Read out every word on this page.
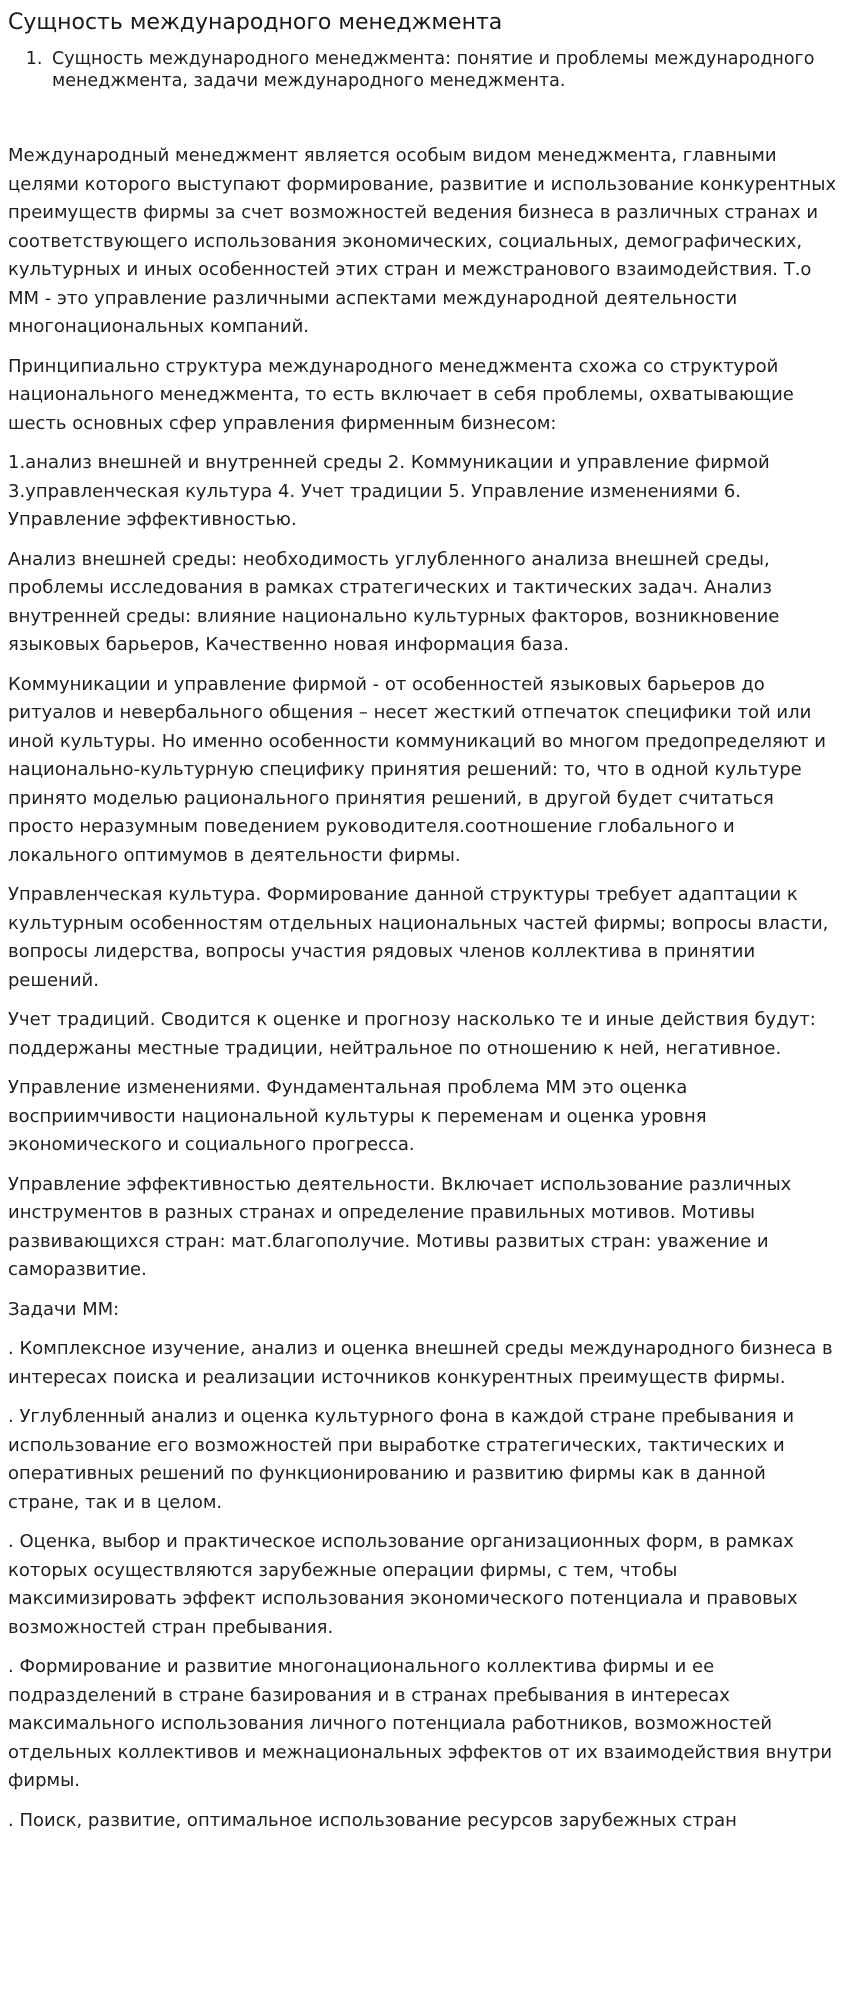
Сущность международного менеджмента
1. Сущность международного менеджмента: понятие и проблемы международного менеджмента, задачи международного менеджмента.

Международный менеджмент является особым видом менеджмента, главными целями которого выступают формирование, развитие и использование конкурентных преимуществ фирмы за счет возможностей ведения бизнеса в различных странах и соответствующего использования экономических, социальных, демографических, культурных и иных особенностей этих стран и межстранового взаимодействия. Т.о ММ - это управление различными аспектами международной деятельности многонациональных компаний.

Принципиально структура международного менеджмента схожа со структурой национального менеджмента, то есть включает в себя проблемы, охватывающие шесть основных сфер управления фирменным бизнесом:

1.анализ внешней и внутренней среды 2. Коммуникации и управление фирмой 3.управленческая культура 4. Учет традиции 5. Управление изменениями 6. Управление эффективностью.

Анализ внешней среды: необходимость углубленного анализа внешней среды, проблемы исследования в рамках стратегических и тактических задач. Анализ внутренней среды: влияние национально культурных факторов, возникновение языковых барьеров, Качественно новая информация база.

Коммуникации и управление фирмой - от особенностей языковых барьеров до ритуалов и невербального общения – несет жесткий отпечаток специфики той или иной культуры. Но именно особенности коммуникаций во многом предопределяют и национально-культурную специфику принятия решений: то, что в одной культуре принято моделью рационального принятия решений, в другой будет считаться просто неразумным поведением руководителя.соотношение глобального и локального оптимумов в деятельности фирмы.

Управленческая культура. Формирование данной структуры требует адаптации к культурным особенностям отдельных национальных частей фирмы; вопросы власти, вопросы лидерства, вопросы участия рядовых членов коллектива в принятии решений.

Учет традиций. Сводится к оценке и прогнозу насколько те и иные действия будут: поддержаны местные традиции, нейтральное по отношению к ней, негативное.

Управление изменениями. Фундаментальная проблема ММ это оценка восприимчивости национальной культуры к переменам и оценка уровня экономического и социального прогресса.

Управление эффективностью деятельности. Включает использование различных инструментов в разных странах и определение правильных мотивов. Мотивы развивающихся стран: мат.благополучие. Мотивы развитых стран: уважение и саморазвитие.

Задачи ММ:

. Комплексное изучение, анализ и оценка внешней среды международного бизнеса в интересах поиска и реализации источников конкурентных преимуществ фирмы.

. Углубленный анализ и оценка культурного фона в каждой стране пребывания и использование его возможностей при выработке стратегических, тактических и оперативных решений по функционированию и развитию фирмы как в данной стране, так и в целом.

. Оценка, выбор и практическое использование организационных форм, в рамках которых осуществляются зарубежные операции фирмы, с тем, чтобы максимизировать эффект использования экономического потенциала и правовых возможностей стран пребывания.

. Формирование и развитие многонационального коллектива фирмы и ее подразделений в стране базирования и в странах пребывания в интересах максимального использования личного потенциала работников, возможностей отдельных коллективов и межнациональных эффектов от их взаимодействия внутри фирмы.

. Поиск, развитие, оптимальное использование ресурсов зарубежных стран
